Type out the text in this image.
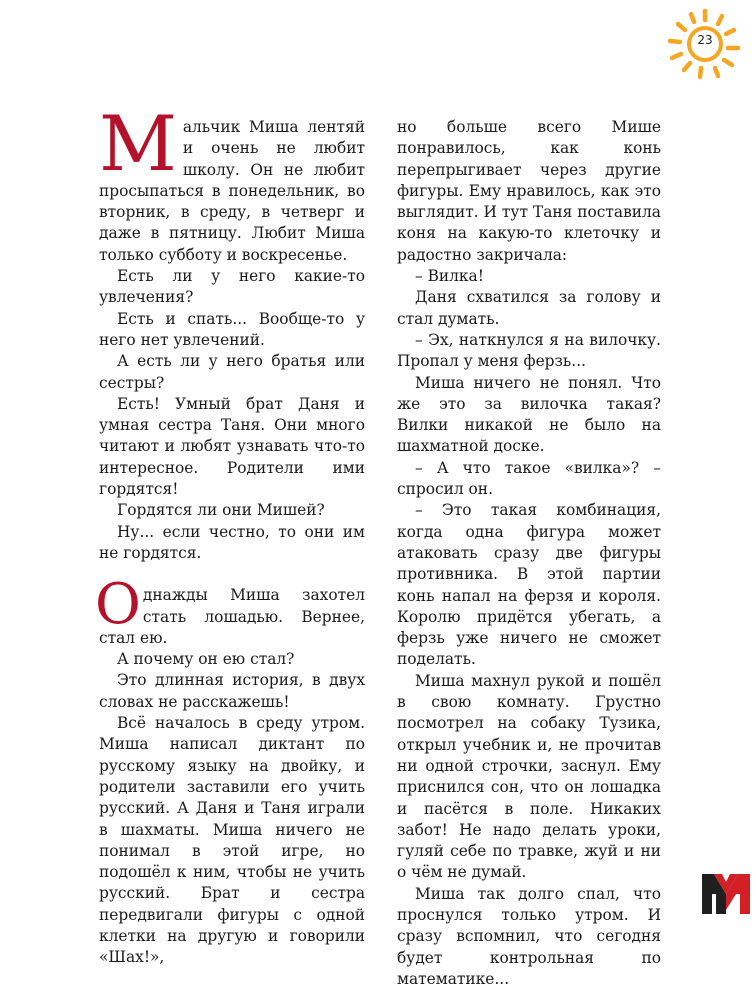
23

Мальчик Миша лентяй и очень не любит школу. Он не любит просыпаться в понедельник, во вторник, в среду, в четверг и даже в пятницу. Любит Миша только субботу и воскресенье.

Есть ли у него какие-то увлечения?

Есть и спать... Вообще-то у него нет увлечений.

А есть ли у него братья или сестры?

Есть! Умный брат Даня и умная сестра Таня. Они много читают и любят узнавать что-то интересное. Родители ими гордятся!

Гордятся ли они Мишей?

Ну... если честно, то они им не гордятся.

Однажды Миша захотел стать лошадью. Вернее, стал ею.

А почему он ею стал?

Это длинная история, в двух словах не расскажешь!

Всё началось в среду утром. Миша написал диктант по русскому языку на двойку, и родители заставили его учить русский. А Даня и Таня играли в шахматы. Миша ничего не понимал в этой игре, но подошёл к ним, чтобы не учить русский. Брат и сестра передвигали фигуры с одной клетки на другую и говорили «Шах!»,

но больше всего Мише понравилось, как конь перепрыгивает через другие фигуры. Ему нравилось, как это выглядит. И тут Таня поставила коня на какую-то клеточку и радостно закричала:

– Вилка!

Даня схватился за голову и стал думать.

– Эх, наткнулся я на вилочку. Пропал у меня ферзь...

Миша ничего не понял. Что же это за вилочка такая? Вилки никакой не было на шахматной доске.

– А что такое «вилка»? – спросил он.

– Это такая комбинация, когда одна фигура может атаковать сразу две фигуры противника. В этой партии конь напал на ферзя и короля. Королю придётся убегать, а ферзь уже ничего не сможет поделать.

Миша махнул рукой и пошёл в свою комнату. Грустно посмотрел на собаку Тузика, открыл учебник и, не прочитав ни одной строчки, заснул. Ему приснился сон, что он лошадка и пасётся в поле. Никаких забот! Не надо делать уроки, гуляй себе по травке, жуй и ни о чём не думай.

Миша так долго спал, что проснулся только утром. И сразу вспомнил, что сегодня будет контрольная по математике...
